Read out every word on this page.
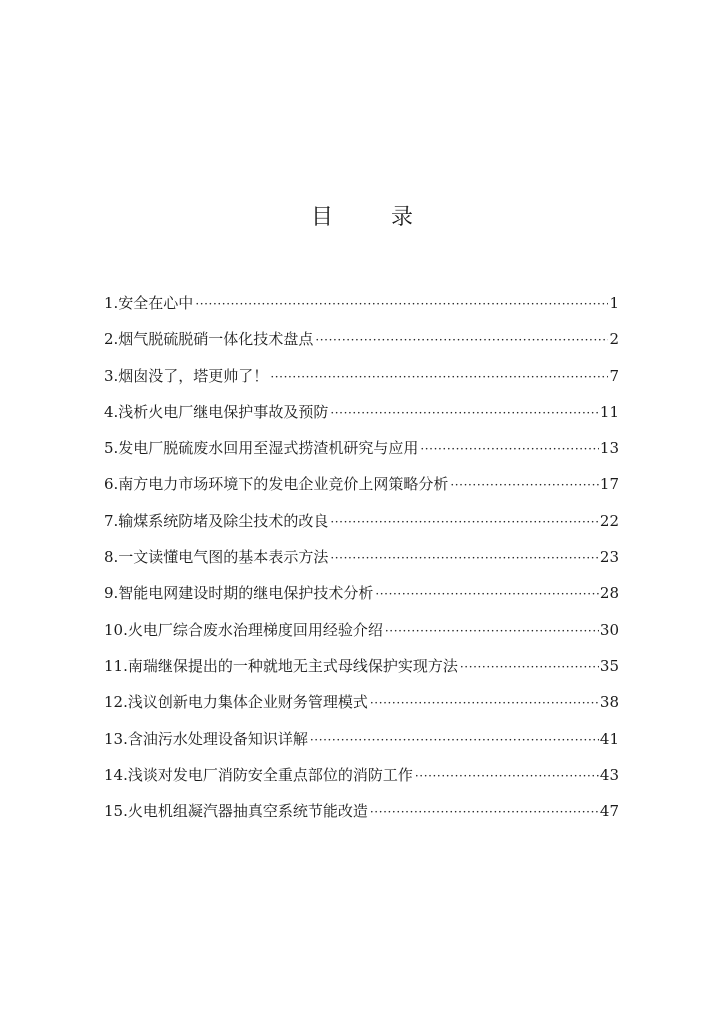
目　录
1.安全在心中 ·····	1
2.烟气脱硫脱硝一体化技术盘点 ·····	2
3.烟囱没了，塔更帅了！ ·····	7
4.浅析火电厂继电保护事故及预防 ·····	11
5.发电厂脱硫废水回用至湿式捞渣机研究与应用 ·····	13
6.南方电力市场环境下的发电企业竞价上网策略分析 ·····	17
7.输煤系统防堵及除尘技术的改良 ·····	22
8.一文读懂电气图的基本表示方法 ·····	23
9.智能电网建设时期的继电保护技术分析 ·····	28
10.火电厂综合废水治理梯度回用经验介绍 ·····	30
11.南瑞继保提出的一种就地无主式母线保护实现方法 ·····	35
12.浅议创新电力集体企业财务管理模式 ·····	38
13.含油污水处理设备知识详解 ·····	41
14.浅谈对发电厂消防安全重点部位的消防工作 ·····	43
15.火电机组凝汽器抽真空系统节能改造 ·····	47
